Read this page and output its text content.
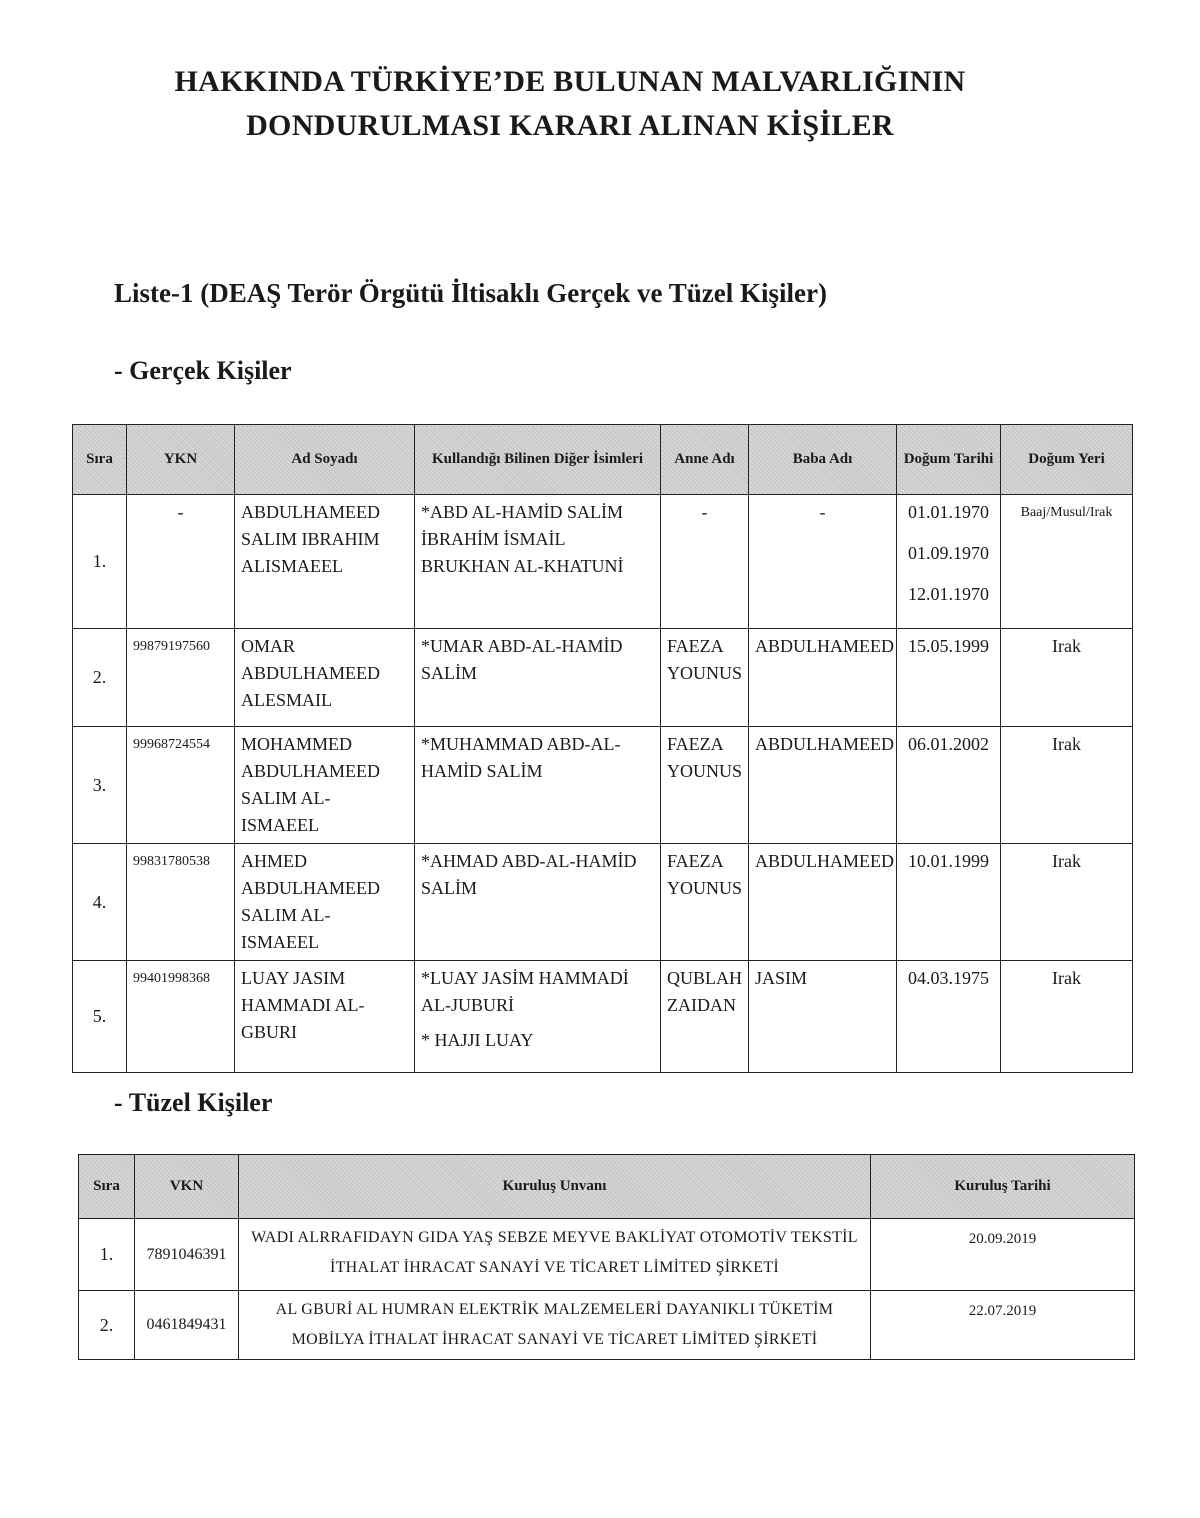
HAKKINDA TÜRKİYE’DE BULUNAN MALVARLIĞININ
DONDURULMASI KARARI ALINAN KİŞİLER
Liste-1 (DEAŞ Terör Örgütü İltisaklı Gerçek ve Tüzel Kişiler)
- Gerçek Kişiler
Sıra	YKN	Ad Soyadı	Kullandığı Bilinen Diğer İsimleri	Anne Adı	Baba Adı	Doğum Tarihi	Doğum Yeri
1.	-	ABDULHAMEED SALIM IBRAHIM ALISMAEEL	*ABD AL-HAMİD SALİM İBRAHİM İSMAİL BRUKHAN AL-KHATUNİ	-	-	01.01.1970
01.09.1970
12.01.1970	Baaj/Musul/Irak
2.	99879197560	OMAR ABDULHAMEED ALESMAIL	*UMAR ABD-AL-HAMİD SALİM	FAEZA YOUNUS	ABDULHAMEED	15.05.1999	Irak
3.	99968724554	MOHAMMED ABDULHAMEED SALIM AL-ISMAEEL	*MUHAMMAD ABD-AL-HAMİD SALİM	FAEZA YOUNUS	ABDULHAMEED	06.01.2002	Irak
4.	99831780538	AHMED ABDULHAMEED SALIM AL-ISMAEEL	*AHMAD ABD-AL-HAMİD SALİM	FAEZA YOUNUS	ABDULHAMEED	10.01.1999	Irak
5.	99401998368	LUAY JASIM HAMMADI AL-GBURI	*LUAY JASİM HAMMADİ AL-JUBURİ
* HAJJI LUAY	QUBLAH ZAIDAN	JASIM	04.03.1975	Irak
- Tüzel Kişiler
Sıra	VKN	Kuruluş Unvanı	Kuruluş Tarihi
1.	7891046391	WADI ALRRAFIDAYN GIDA YAŞ SEBZE MEYVE BAKLİYAT OTOMOTİV TEKSTİL
İTHALAT İHRACAT SANAYİ VE TİCARET LİMİTED ŞİRKETİ	20.09.2019
2.	0461849431	AL GBURİ AL HUMRAN ELEKTRİK MALZEMELERİ DAYANIKLI TÜKETİM
MOBİLYA İTHALAT İHRACAT SANAYİ VE TİCARET LİMİTED ŞİRKETİ	22.07.2019
